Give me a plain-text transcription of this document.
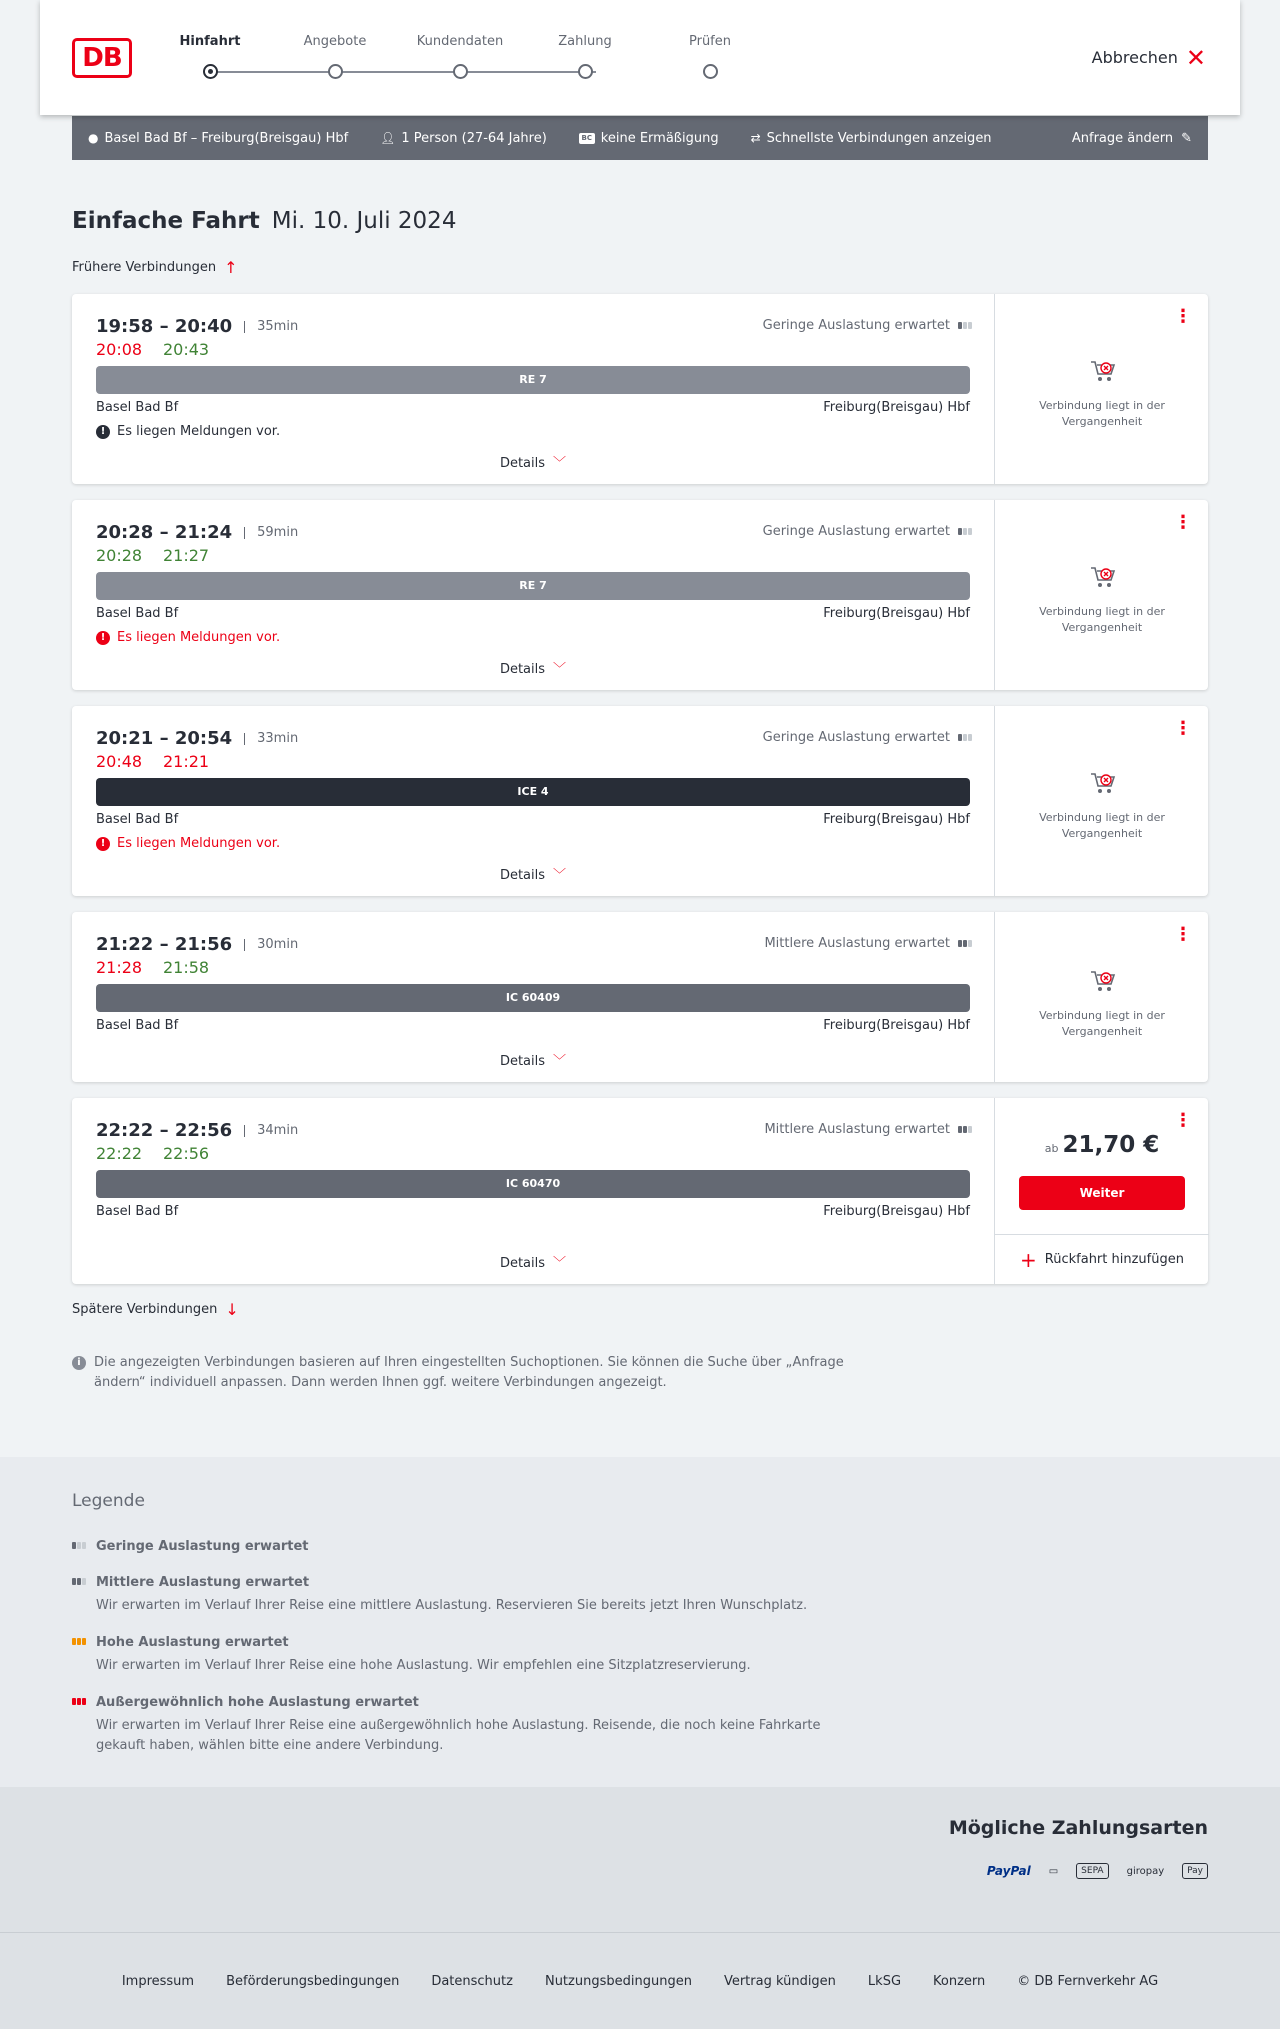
DB
Hinfahrt	Angebote	Kundendaten	Zahlung	Prüfen
Abbrechen ✕
● Basel Bad Bf – Freiburg(Breisgau) Hbf	👤︎ 1 Person (27-64 Jahre)	BC keine Ermäßigung	⇄ Schnellste Verbindungen anzeigen	Anfrage ändern ✎
Einfache Fahrt Mi. 10. Juli 2024
Frühere Verbindungen ↑
19:58 – 20:40	35min
20:08 20:43
Geringe Auslastung erwartet
RE 7
Basel Bad Bf	Freiburg(Breisgau) Hbf
! Es liegen Meldungen vor.
Details ﹀
⋮
Verbindung liegt in der Vergangenheit
20:28 – 21:24	59min
20:28 21:27
Geringe Auslastung erwartet
RE 7
Basel Bad Bf	Freiburg(Breisgau) Hbf
! Es liegen Meldungen vor.
Details ﹀
⋮
Verbindung liegt in der Vergangenheit
20:21 – 20:54	33min
20:48 21:21
Geringe Auslastung erwartet
ICE 4
Basel Bad Bf	Freiburg(Breisgau) Hbf
! Es liegen Meldungen vor.
Details ﹀
⋮
Verbindung liegt in der Vergangenheit
21:22 – 21:56	30min
21:28 21:58
Mittlere Auslastung erwartet
IC 60409
Basel Bad Bf	Freiburg(Breisgau) Hbf
Details ﹀
⋮
Verbindung liegt in der Vergangenheit
22:22 – 22:56	34min
22:22 22:56
Mittlere Auslastung erwartet
IC 60470
Basel Bad Bf	Freiburg(Breisgau) Hbf
Details ﹀
⋮
ab 21,70 €
Weiter
+ Rückfahrt hinzufügen
Spätere Verbindungen ↓
i	Die angezeigten Verbindungen basieren auf Ihren eingestellten Suchoptionen. Sie können die Suche über „Anfrage ändern“ individuell anpassen. Dann werden Ihnen ggf. weitere Verbindungen angezeigt.
Legende
Geringe Auslastung erwartet
Mittlere Auslastung erwartet

Wir erwarten im Verlauf Ihrer Reise eine mittlere Auslastung. Reservieren Sie bereits jetzt Ihren Wunschplatz.

Hohe Auslastung erwartet

Wir erwarten im Verlauf Ihrer Reise eine hohe Auslastung. Wir empfehlen eine Sitzplatzreservierung.

Außergewöhnlich hohe Auslastung erwartet

Wir erwarten im Verlauf Ihrer Reise eine außergewöhnlich hohe Auslastung. Reisende, die noch keine Fahrkarte gekauft haben, wählen bitte eine andere Verbindung.

Mögliche Zahlungsarten
PayPal ▭	SEPA	giropay	Pay
Impressum Beförderungsbedingungen Datenschutz Nutzungsbedingungen Vertrag kündigen LkSG Konzern © DB Fernverkehr AG
